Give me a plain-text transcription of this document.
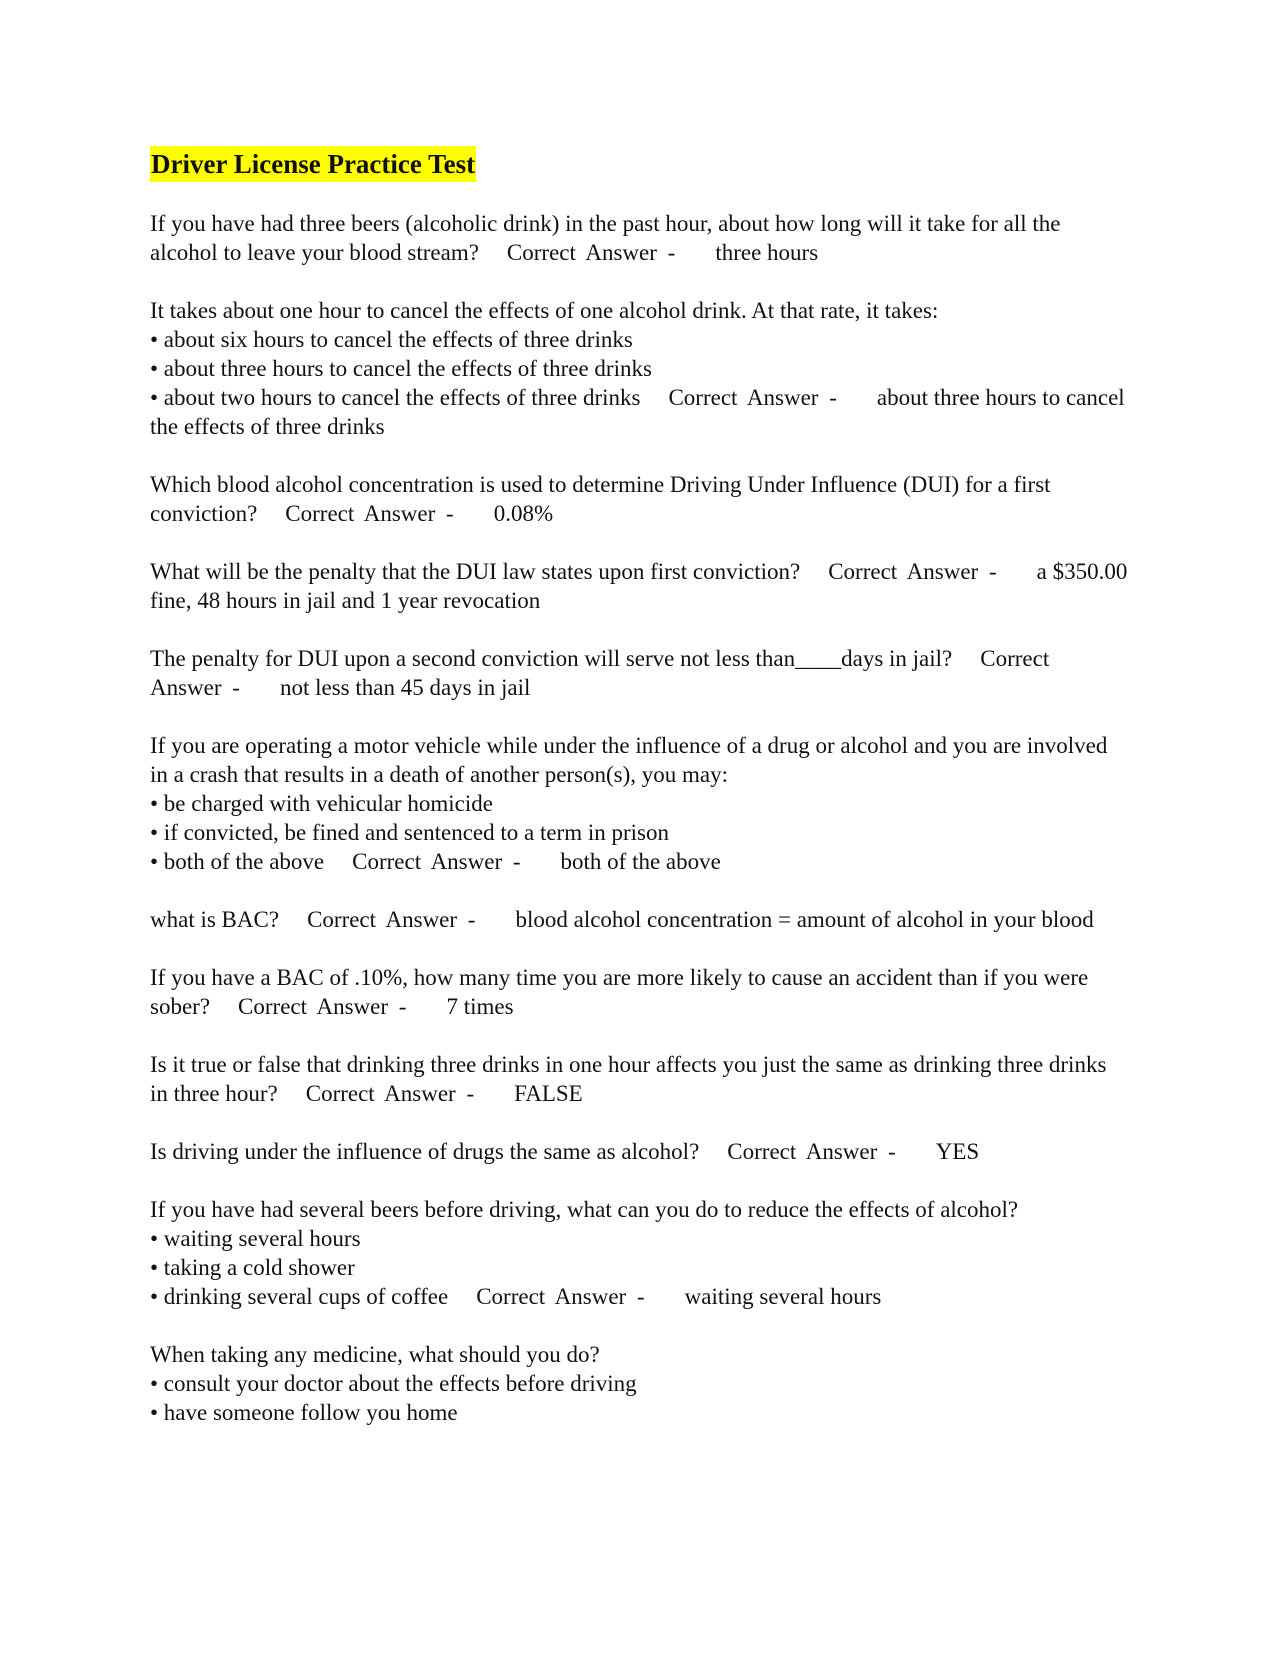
Driver License Practice Test

If you have had three beers (alcoholic drink) in the past hour, about how long will it take for all the alcohol to leave your blood stream? Correct Answer - three hours

It takes about one hour to cancel the effects of one alcohol drink. At that rate, it takes:
• about six hours to cancel the effects of three drinks
• about three hours to cancel the effects of three drinks
• about two hours to cancel the effects of three drinks Correct Answer - about three hours to cancel the effects of three drinks

Which blood alcohol concentration is used to determine Driving Under Influence (DUI) for a first conviction? Correct Answer - 0.08%

What will be the penalty that the DUI law states upon first conviction? Correct Answer - a $350.00 fine, 48 hours in jail and 1 year revocation

The penalty for DUI upon a second conviction will serve not less than____days in jail? Correct Answer - not less than 45 days in jail

If you are operating a motor vehicle while under the influence of a drug or alcohol and you are involved in a crash that results in a death of another person(s), you may:
• be charged with vehicular homicide
• if convicted, be fined and sentenced to a term in prison
• both of the above Correct Answer - both of the above

what is BAC? Correct Answer - blood alcohol concentration = amount of alcohol in your blood

If you have a BAC of .10%, how many time you are more likely to cause an accident than if you were sober? Correct Answer - 7 times

Is it true or false that drinking three drinks in one hour affects you just the same as drinking three drinks in three hour? Correct Answer - FALSE

Is driving under the influence of drugs the same as alcohol? Correct Answer - YES

If you have had several beers before driving, what can you do to reduce the effects of alcohol?
• waiting several hours
• taking a cold shower
• drinking several cups of coffee Correct Answer - waiting several hours

When taking any medicine, what should you do?
• consult your doctor about the effects before driving
• have someone follow you home
